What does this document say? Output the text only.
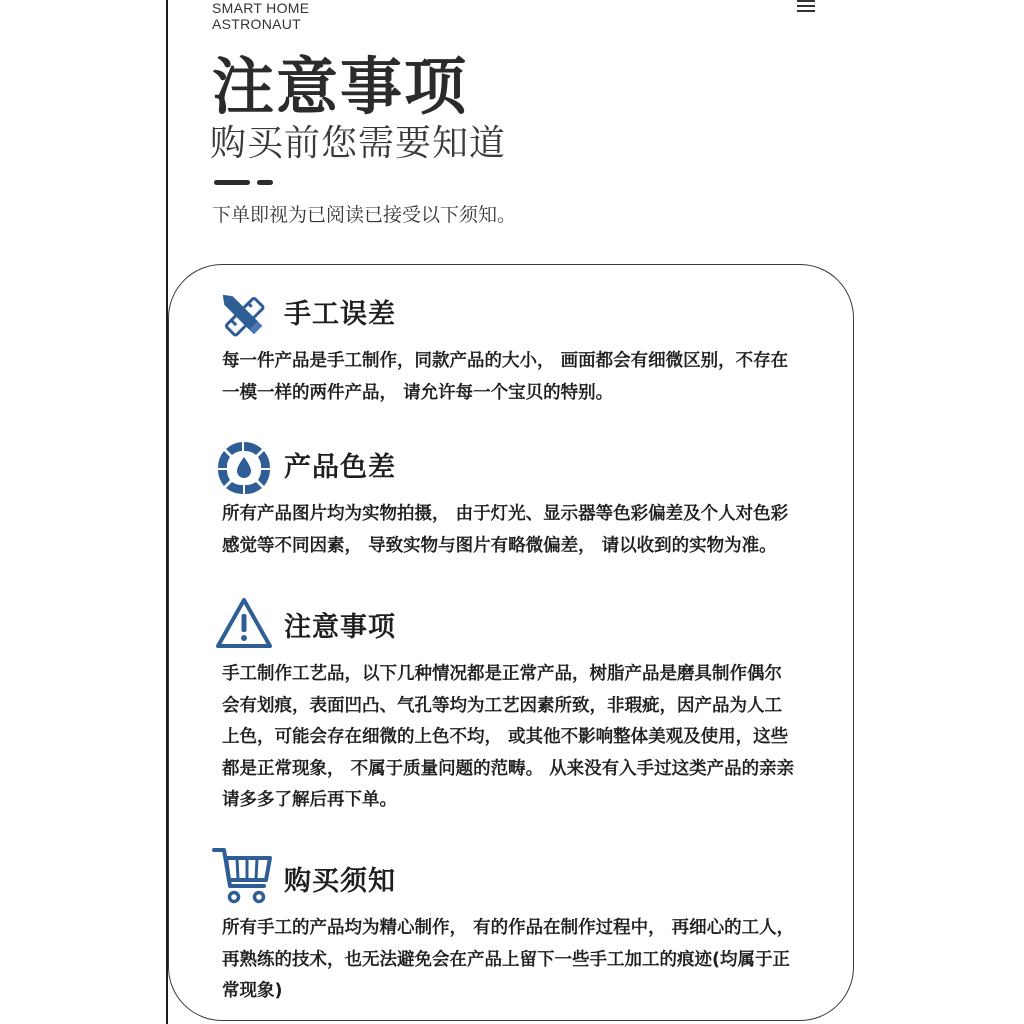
SMART HOME
ASTRONAUT
注意事项
购买前您需要知道
下单即视为已阅读已接受以下须知。
手工误差
每一件产品是手工制作，同款产品的大小， 画面都会有细微区别，不存在
一模一样的两件产品， 请允许每一个宝贝的特别。
产品色差
所有产品图片均为实物拍摄， 由于灯光、显示器等色彩偏差及个人对色彩
感觉等不同因素， 导致实物与图片有略微偏差， 请以收到的实物为准。
注意事项
手工制作工艺品，以下几种情况都是正常产品，树脂产品是磨具制作偶尔
会有划痕，表面凹凸、气孔等均为工艺因素所致，非瑕疵，因产品为人工
上色，可能会存在细微的上色不均， 或其他不影响整体美观及使用，这些
都是正常现象， 不属于质量问题的范畴。 从来没有入手过这类产品的亲亲
请多多了解后再下单。
购买须知
所有手工的产品均为精心制作， 有的作品在制作过程中， 再细心的工人，
再熟练的技术，也无法避免会在产品上留下一些手工加工的痕迹(均属于正
常现象)
